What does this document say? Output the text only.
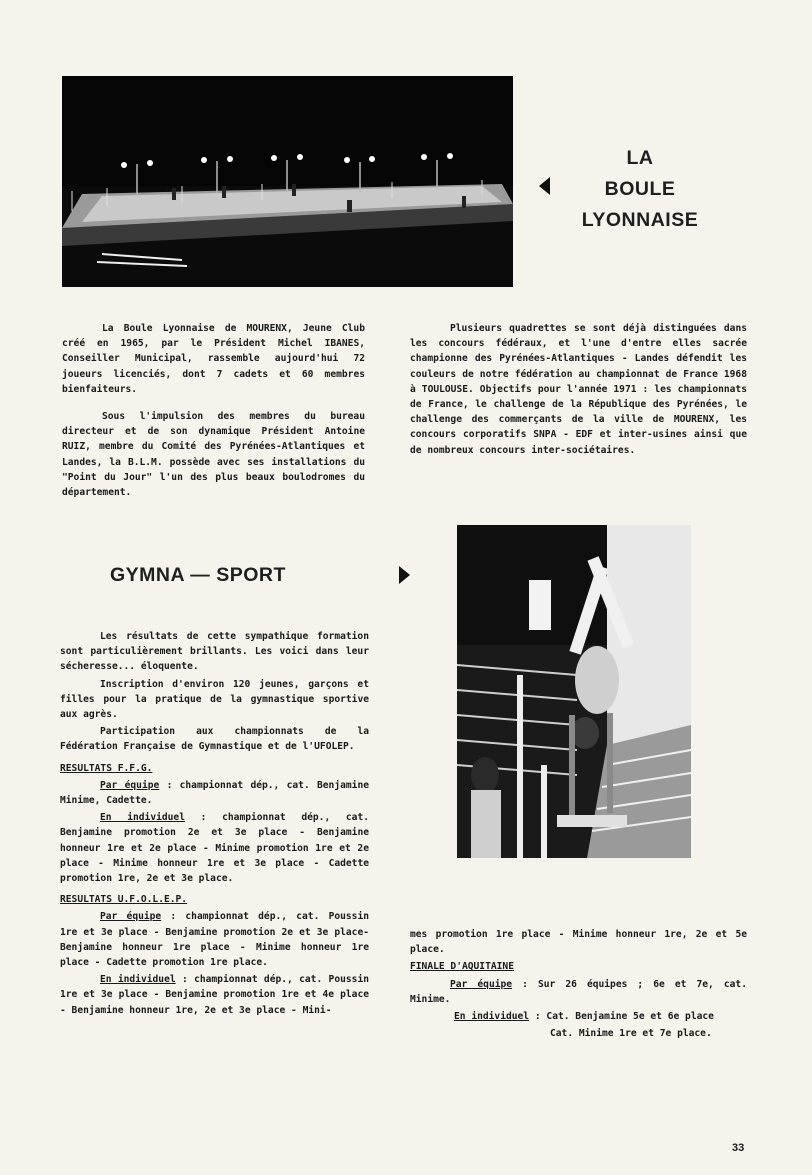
LA
BOULE
LYONNAISE

La Boule Lyonnaise de MOURENX, Jeune Club créé en 1965, par le Président Michel IBANES, Conseiller Municipal, rassemble aujourd'hui 72 joueurs licenciés, dont 7 cadets et 60 membres bienfaiteurs.

Sous l'impulsion des membres du bureau directeur et de son dynamique Président Antoine RUIZ, membre du Comité des Pyrénées-Atlantiques et Landes, la B.L.M. possède avec ses installations du "Point du Jour" l'un des plus beaux boulodromes du département.

Plusieurs quadrettes se sont déjà distinguées dans les concours fédéraux, et l'une d'entre elles sacrée championne des Pyrénées-Atlantiques - Landes défendit les couleurs de notre fédération au championnat de France 1968 à TOULOUSE. Objectifs pour l'année 1971 : les championnats de France, le challenge de la République des Pyrénées, le challenge des commerçants de la ville de MOURENX, les concours corporatifs SNPA - EDF et inter-usines ainsi que de nombreux concours inter-sociétaires.

GYMNA — SPORT

Les résultats de cette sympathique formation sont particulièrement brillants. Les voici dans leur sécheresse... éloquente.

Inscription d'environ 120 jeunes, garçons et filles pour la pratique de la gymnastique sportive aux agrès.

Participation aux championnats de la Fédération Française de Gymnastique et de l'UFOLEP.

RESULTATS F.F.G.

Par équipe : championnat dép., cat. Benjamine Minime, Cadette.

En individuel : championnat dép., cat. Benjamine promotion 2e et 3e place - Benjamine honneur 1re et 2e place - Minime promotion 1re et 2e place - Minime honneur 1re et 3e place - Cadette promotion 1re, 2e et 3e place.

RESULTATS U.F.O.L.E.P.

Par équipe : championnat dép., cat. Poussin 1re et 3e place - Benjamine promotion 2e et 3e place- Benjamine honneur 1re place - Minime honneur 1re place - Cadette promotion 1re place.

En individuel : championnat dép., cat. Poussin 1re et 3e place - Benjamine promotion 1re et 4e place - Benjamine honneur 1re, 2e et 3e place - Mini-

mes promotion 1re place - Minime honneur 1re, 2e et 5e place.

FINALE D'AQUITAINE

Par équipe : Sur 26 équipes ; 6e et 7e, cat. Minime.

En individuel : Cat. Benjamine 5e et 6e place

Cat. Minime 1re et 7e place.

33
